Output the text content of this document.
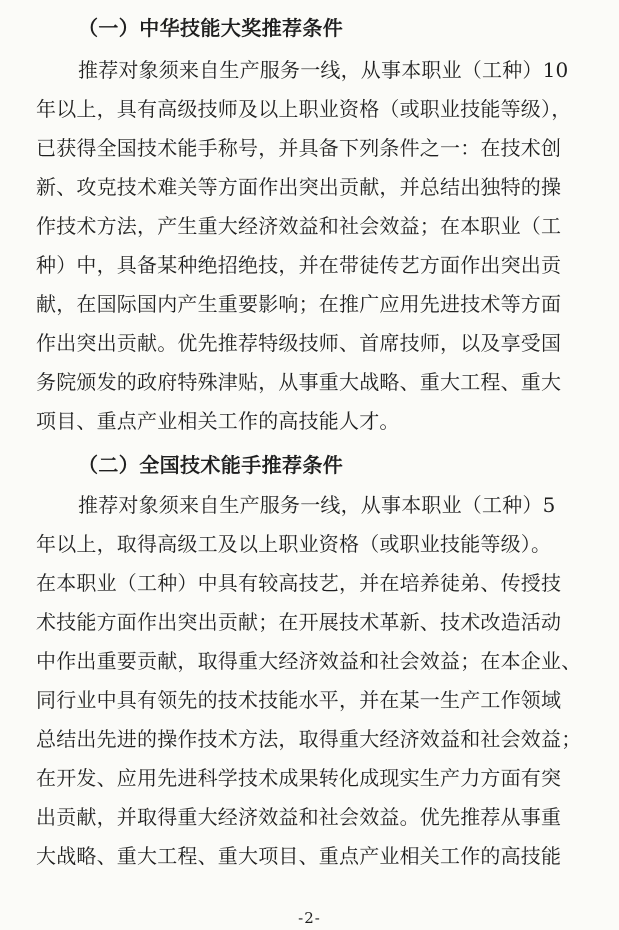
（一）中华技能大奖推荐条件
推荐对象须来自生产服务一线，从事本职业（工种）10
年以上，具有高级技师及以上职业资格（或职业技能等级），
已获得全国技术能手称号，并具备下列条件之一：在技术创
新、攻克技术难关等方面作出突出贡献，并总结出独特的操
作技术方法，产生重大经济效益和社会效益；在本职业（工
种）中，具备某种绝招绝技，并在带徒传艺方面作出突出贡
献，在国际国内产生重要影响；在推广应用先进技术等方面
作出突出贡献。优先推荐特级技师、首席技师，以及享受国
务院颁发的政府特殊津贴，从事重大战略、重大工程、重大
项目、重点产业相关工作的高技能人才。
（二）全国技术能手推荐条件
推荐对象须来自生产服务一线，从事本职业（工种）5
年以上，取得高级工及以上职业资格（或职业技能等级）。
在本职业（工种）中具有较高技艺，并在培养徒弟、传授技
术技能方面作出突出贡献；在开展技术革新、技术改造活动
中作出重要贡献，取得重大经济效益和社会效益；在本企业、
同行业中具有领先的技术技能水平，并在某一生产工作领域
总结出先进的操作技术方法，取得重大经济效益和社会效益；
在开发、应用先进科学技术成果转化成现实生产力方面有突
出贡献，并取得重大经济效益和社会效益。优先推荐从事重
大战略、重大工程、重大项目、重点产业相关工作的高技能
-2-
